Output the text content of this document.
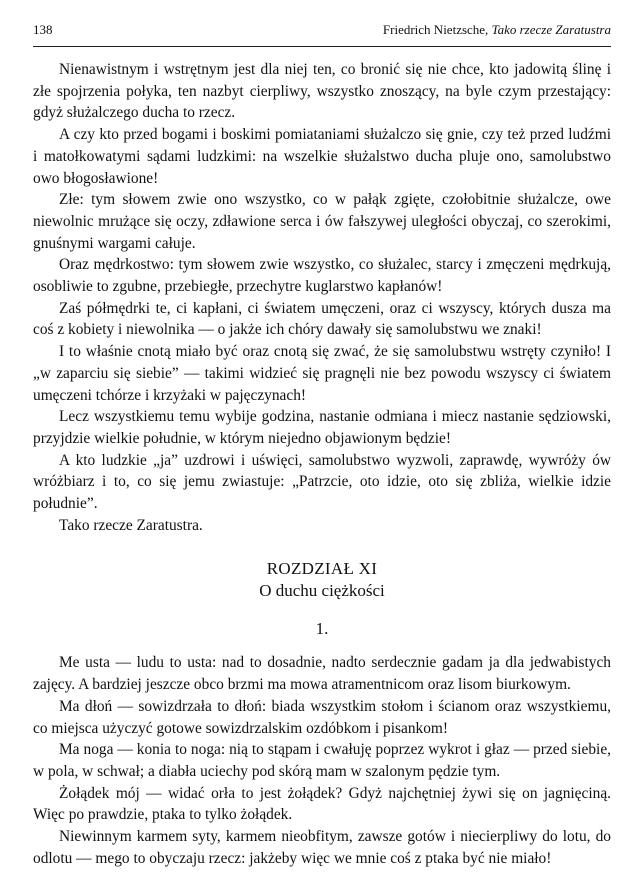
138	Friedrich Nietzsche, Tako rzecze Zaratustra

Nienawistnym i wstrętnym jest dla niej ten, co bronić się nie chce, kto jadowitą ślinę i złe spojrzenia połyka, ten nazbyt cierpliwy, wszystko znoszący, na byle czym przestający: gdyż służalczego ducha to rzecz.

A czy kto przed bogami i boskimi pomiataniami służalczo się gnie, czy też przed ludźmi i matołkowatymi sądami ludzkimi: na wszelkie służalstwo ducha pluje ono, samolubstwo owo błogosławione!

Złe: tym słowem zwie ono wszystko, co w pałąk zgięte, czołobitnie służalcze, owe niewolnic mrużące się oczy, zdławione serca i ów fałszywej uległości obyczaj, co szerokimi, gnuśnymi wargami całuje.

Oraz mędrkostwo: tym słowem zwie wszystko, co służalec, starcy i zmęczeni mędrkują, osobliwie to zgubne, przebiegłe, przechytre kuglarstwo kapłanów!

Zaś półmędrki te, ci kapłani, ci światem umęczeni, oraz ci wszyscy, których dusza ma coś z kobiety i niewolnika — o jakże ich chóry dawały się samolubstwu we znaki!

I to właśnie cnotą miało być oraz cnotą się zwać, że się samolubstwu wstręty czyniło! I „w zaparciu się siebie” — takimi widzieć się pragnęli nie bez powodu wszyscy ci światem umęczeni tchórze i krzyżaki w pajęczynach!

Lecz wszystkiemu temu wybije godzina, nastanie odmiana i miecz nastanie sędziowski, przyjdzie wielkie południe, w którym niejedno objawionym będzie!

A kto ludzkie „ja” uzdrowi i uświęci, samolubstwo wyzwoli, zaprawdę, wywróży ów wróżbiarz i to, co się jemu zwiastuje: „Patrzcie, oto idzie, oto się zbliża, wielkie idzie południe”.

Tako rzecze Zaratustra.

ROZDZIAŁ XI
O duchu ciężkości
1.

Me usta — ludu to usta: nad to dosadnie, nadto serdecznie gadam ja dla jedwabistych zajęcy. A bardziej jeszcze obco brzmi ma mowa atramentnicom oraz lisom biurkowym.

Ma dłoń — sowizdrzała to dłoń: biada wszystkim stołom i ścianom oraz wszystkiemu, co miejsca użyczyć gotowe sowizdrzalskim ozdóbkom i pisankom!

Ma noga — konia to noga: nią to stąpam i cwałuję poprzez wykrot i głaz — przed siebie, w pola, w schwał; a diabła uciechy pod skórą mam w szalonym pędzie tym.

Żołądek mój — widać orła to jest żołądek? Gdyż najchętniej żywi się on jagnięciną. Więc po prawdzie, ptaka to tylko żołądek.

Niewinnym karmem syty, karmem nieobfitym, zawsze gotów i niecierpliwy do lotu, do odlotu — mego to obyczaju rzecz: jakżeby więc we mnie coś z ptaka być nie miało!
